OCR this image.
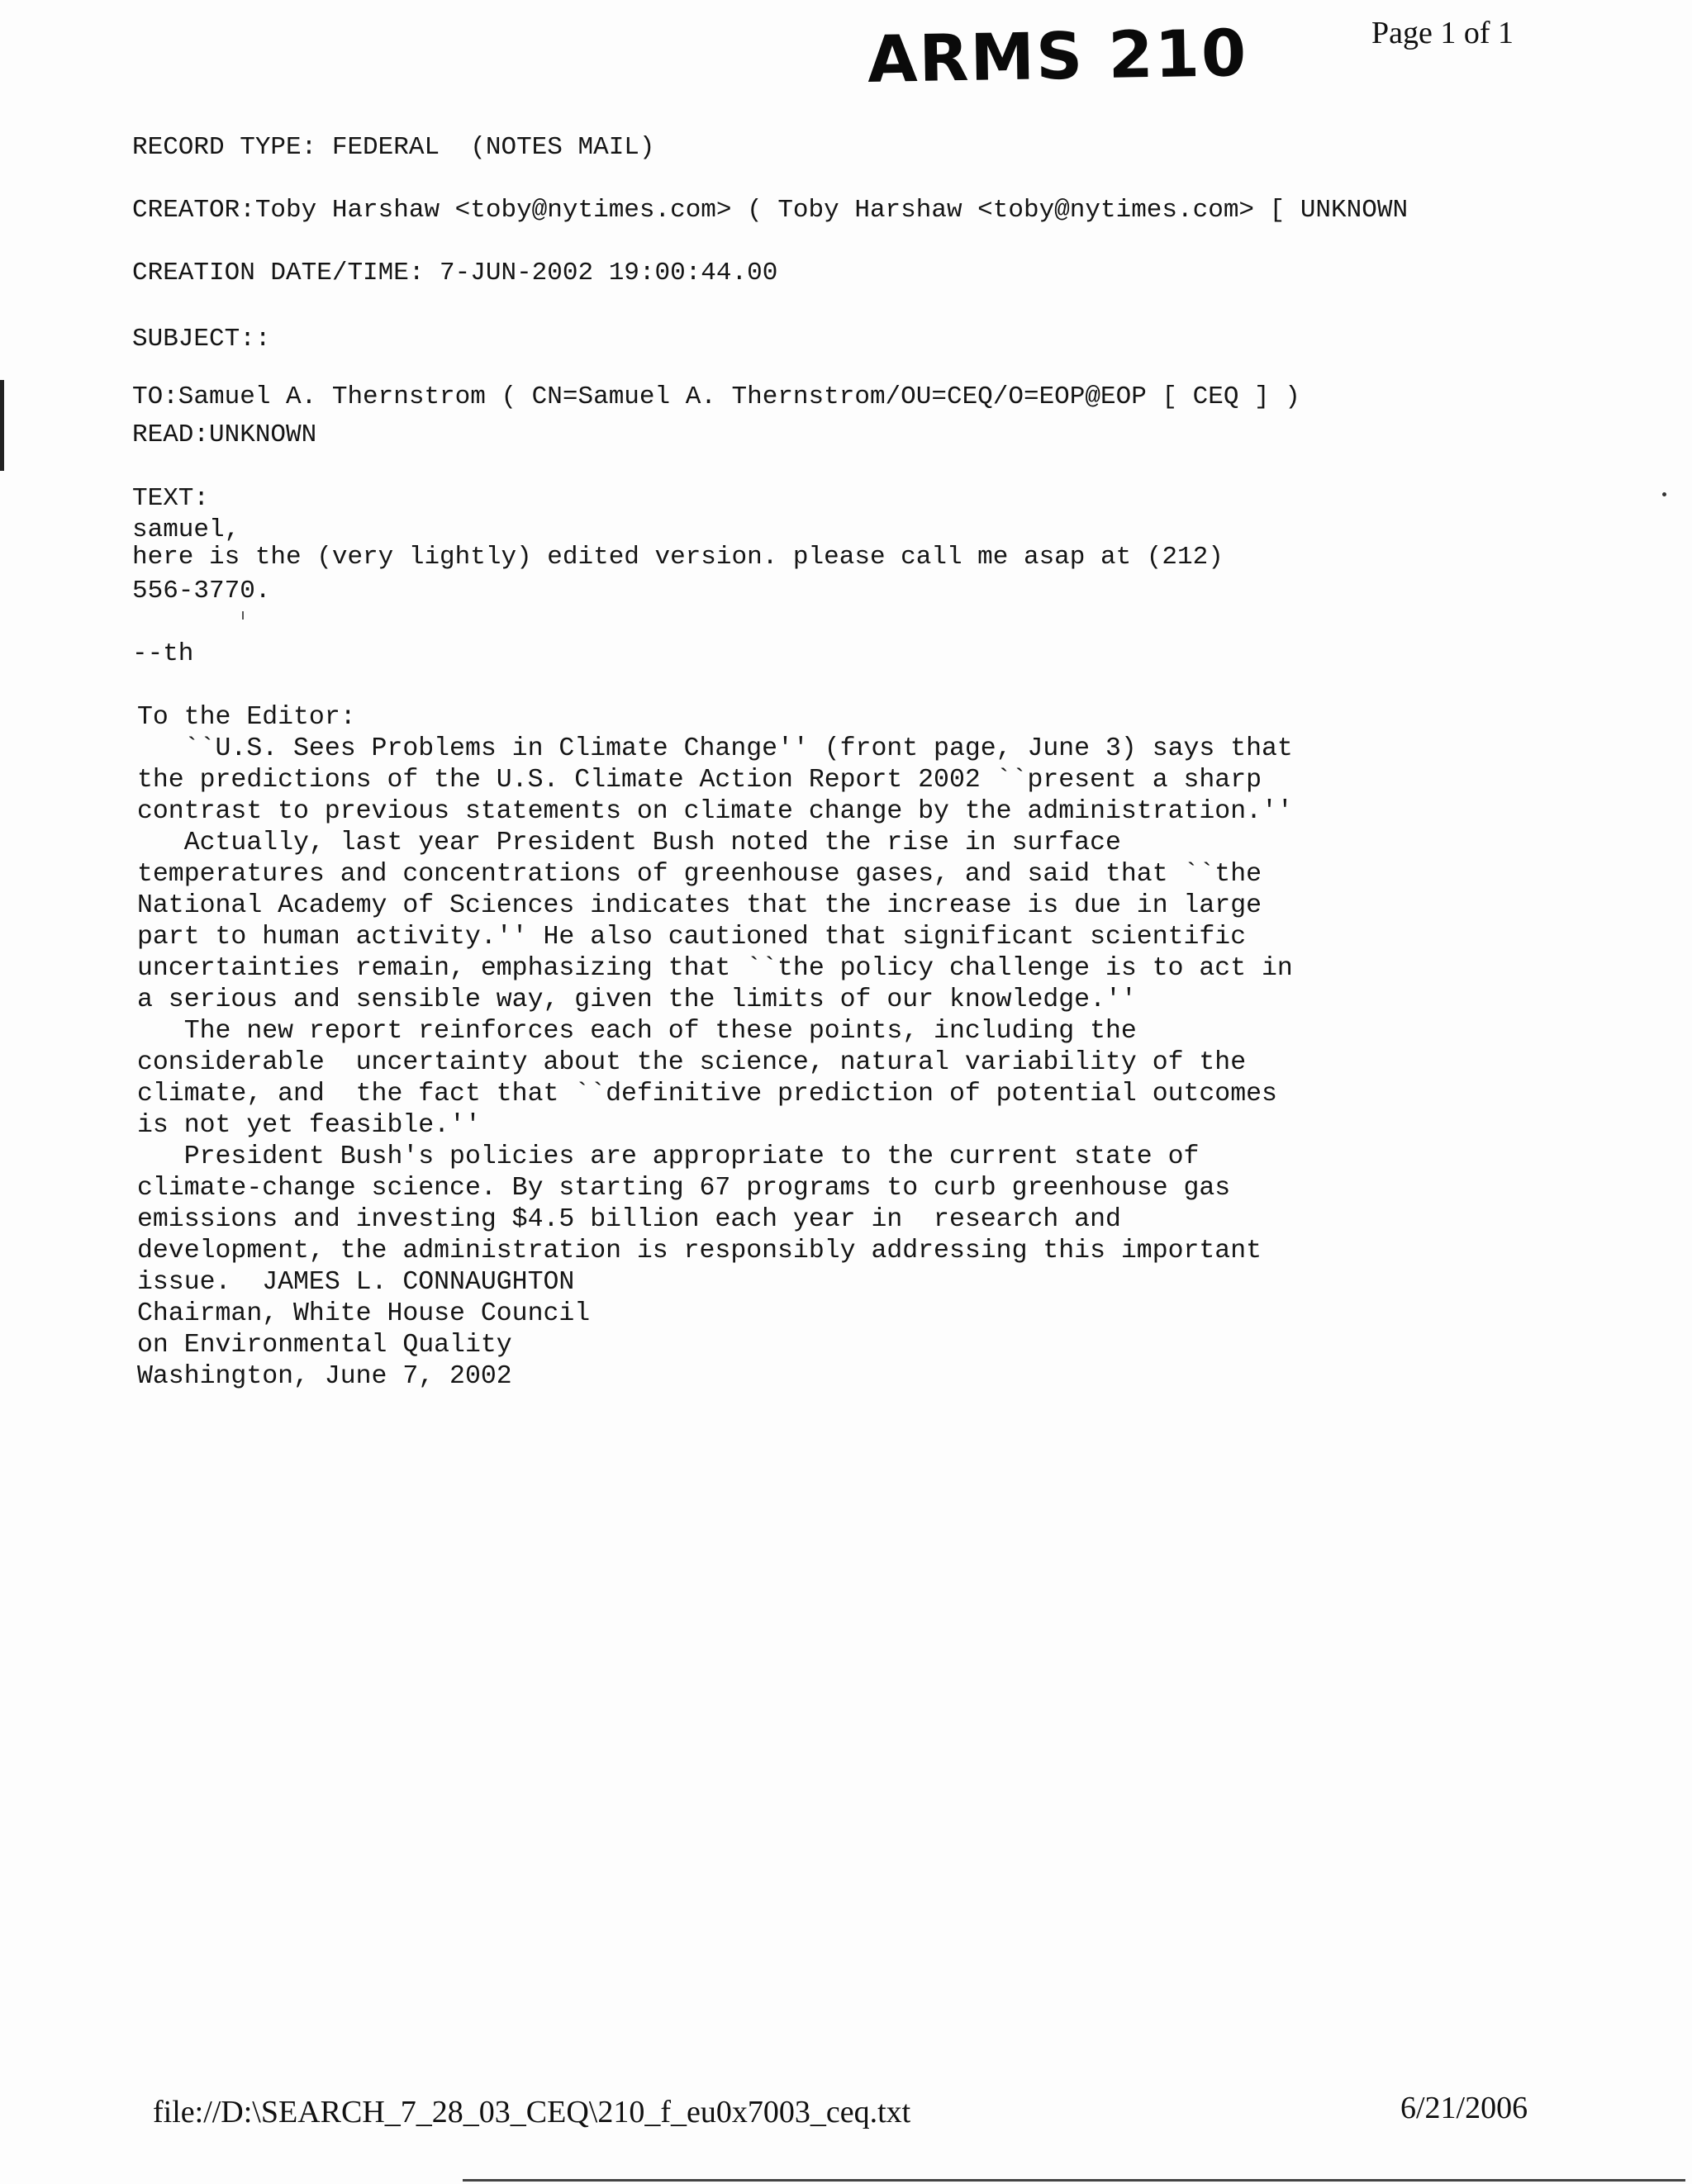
ARMS 210	Page 1 of 1
RECORD TYPE: FEDERAL  (NOTES MAIL)
CREATOR:Toby Harshaw <toby@nytimes.com> ( Toby Harshaw <toby@nytimes.com> [ UNKNOWN
CREATION DATE/TIME: 7-JUN-2002 19:00:44.00
SUBJECT::
TO:Samuel A. Thernstrom ( CN=Samuel A. Thernstrom/OU=CEQ/O=EOP@EOP [ CEQ ] )
READ:UNKNOWN
TEXT:
samuel,
here is the (very lightly) edited version. please call me asap at (212)
556-3770.
--th
To the Editor:
``U.S. Sees Problems in Climate Change'' (front page, June 3) says that
the predictions of the U.S. Climate Action Report 2002 ``present a sharp
contrast to previous statements on climate change by the administration.''
Actually, last year President Bush noted the rise in surface
temperatures and concentrations of greenhouse gases, and said that ``the
National Academy of Sciences indicates that the increase is due in large
part to human activity.'' He also cautioned that significant scientific
uncertainties remain, emphasizing that ``the policy challenge is to act in
a serious and sensible way, given the limits of our knowledge.''
The new report reinforces each of these points, including the
considerable  uncertainty about the science, natural variability of the
climate, and  the fact that ``definitive prediction of potential outcomes
is not yet feasible.''
President Bush's policies are appropriate to the current state of
climate-change science. By starting 67 programs to curb greenhouse gas
emissions and investing $4.5 billion each year in  research and
development, the administration is responsibly addressing this important
issue.  JAMES L. CONNAUGHTON
Chairman, White House Council
on Environmental Quality
Washington, June 7, 2002
file://D:\SEARCH_7_28_03_CEQ\210_f_eu0x7003_ceq.txt	6/21/2006
